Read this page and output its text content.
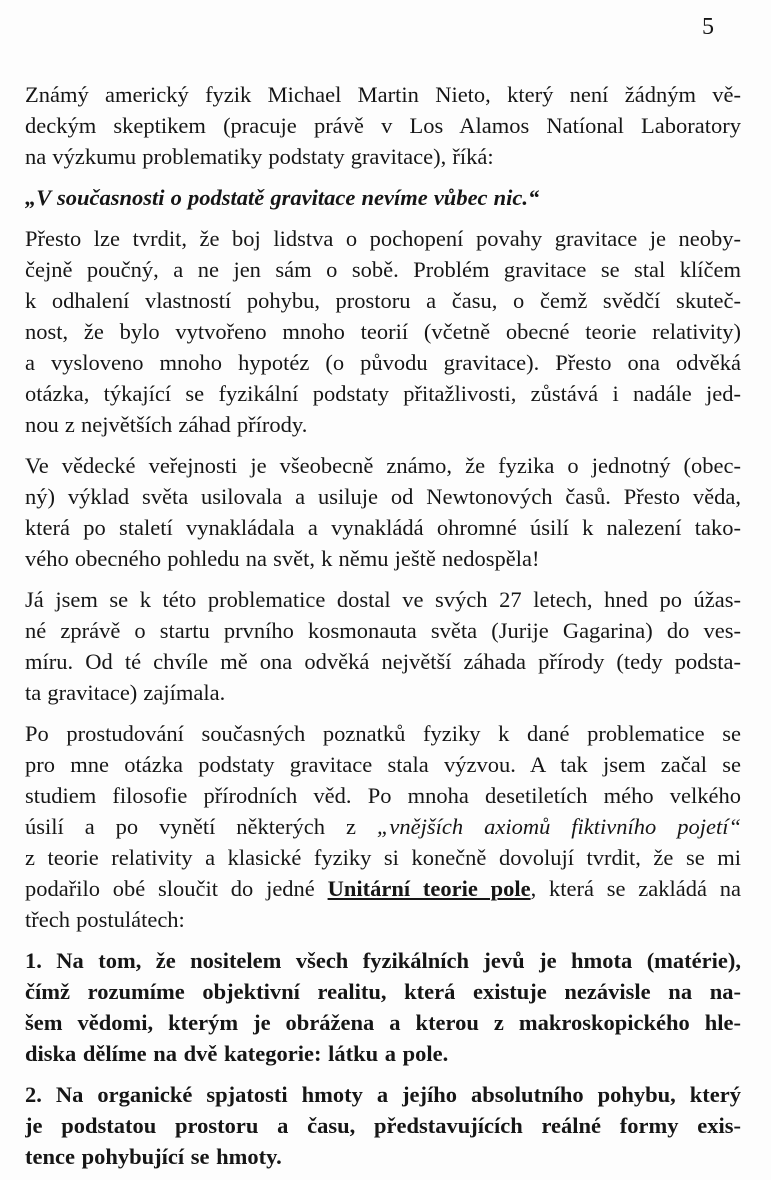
5
Známý americký fyzik Michael Martin Nieto, který není žádným vě-
deckým skeptikem (pracuje právě v Los Alamos Natíonal Laboratory
na výzkumu problematiky podstaty gravitace), říká:
„V současnosti o podstatě gravitace nevíme vůbec nic.“
Přesto lze tvrdit, že boj lidstva o pochopení povahy gravitace je neoby-
čejně poučný, a ne jen sám o sobě. Problém gravitace se stal klíčem
k odhalení vlastností pohybu, prostoru a času, o čemž svědčí skuteč-
nost, že bylo vytvořeno mnoho teorií (včetně obecné teorie relativity)
a vysloveno mnoho hypotéz (o původu gravitace). Přesto ona odvěká
otázka, týkající se fyzikální podstaty přitažlivosti, zůstává i nadále jed-
nou z největších záhad přírody.
Ve vědecké veřejnosti je všeobecně známo, že fyzika o jednotný (obec-
ný) výklad světa usilovala a usiluje od Newtonových časů. Přesto věda,
která po staletí vynakládala a vynakládá ohromné úsilí k nalezení tako-
vého obecného pohledu na svět, k němu ještě nedospěla!
Já jsem se k této problematice dostal ve svých 27 letech, hned po úžas-
né zprávě o startu prvního kosmonauta světa (Jurije Gagarina) do ves-
míru. Od té chvíle mě ona odvěká největší záhada přírody (tedy podsta-
ta gravitace) zajímala.
Po prostudování současných poznatků fyziky k dané problematice se
pro mne otázka podstaty gravitace stala výzvou. A tak jsem začal se
studiem filosofie přírodních věd. Po mnoha desetiletích mého velkého
úsilí a po vynětí některých z „vnějších axiomů fiktivního pojetí“
z teorie relativity a klasické fyziky si konečně dovolují tvrdit, že se mi
podařilo obé sloučit do jedné Unitární teorie pole, která se zakládá na
třech postulátech:
1. Na tom, že nositelem všech fyzikálních jevů je hmota (matérie),
čímž rozumíme objektivní realitu, která existuje nezávisle na na-
šem vědomi, kterým je obrážena a kterou z makroskopického hle-
diska dělíme na dvě kategorie: látku a pole.
2. Na organické spjatosti hmoty a jejího absolutního pohybu, který
je podstatou prostoru a času, představujících reálné formy exis-
tence pohybující se hmoty.
